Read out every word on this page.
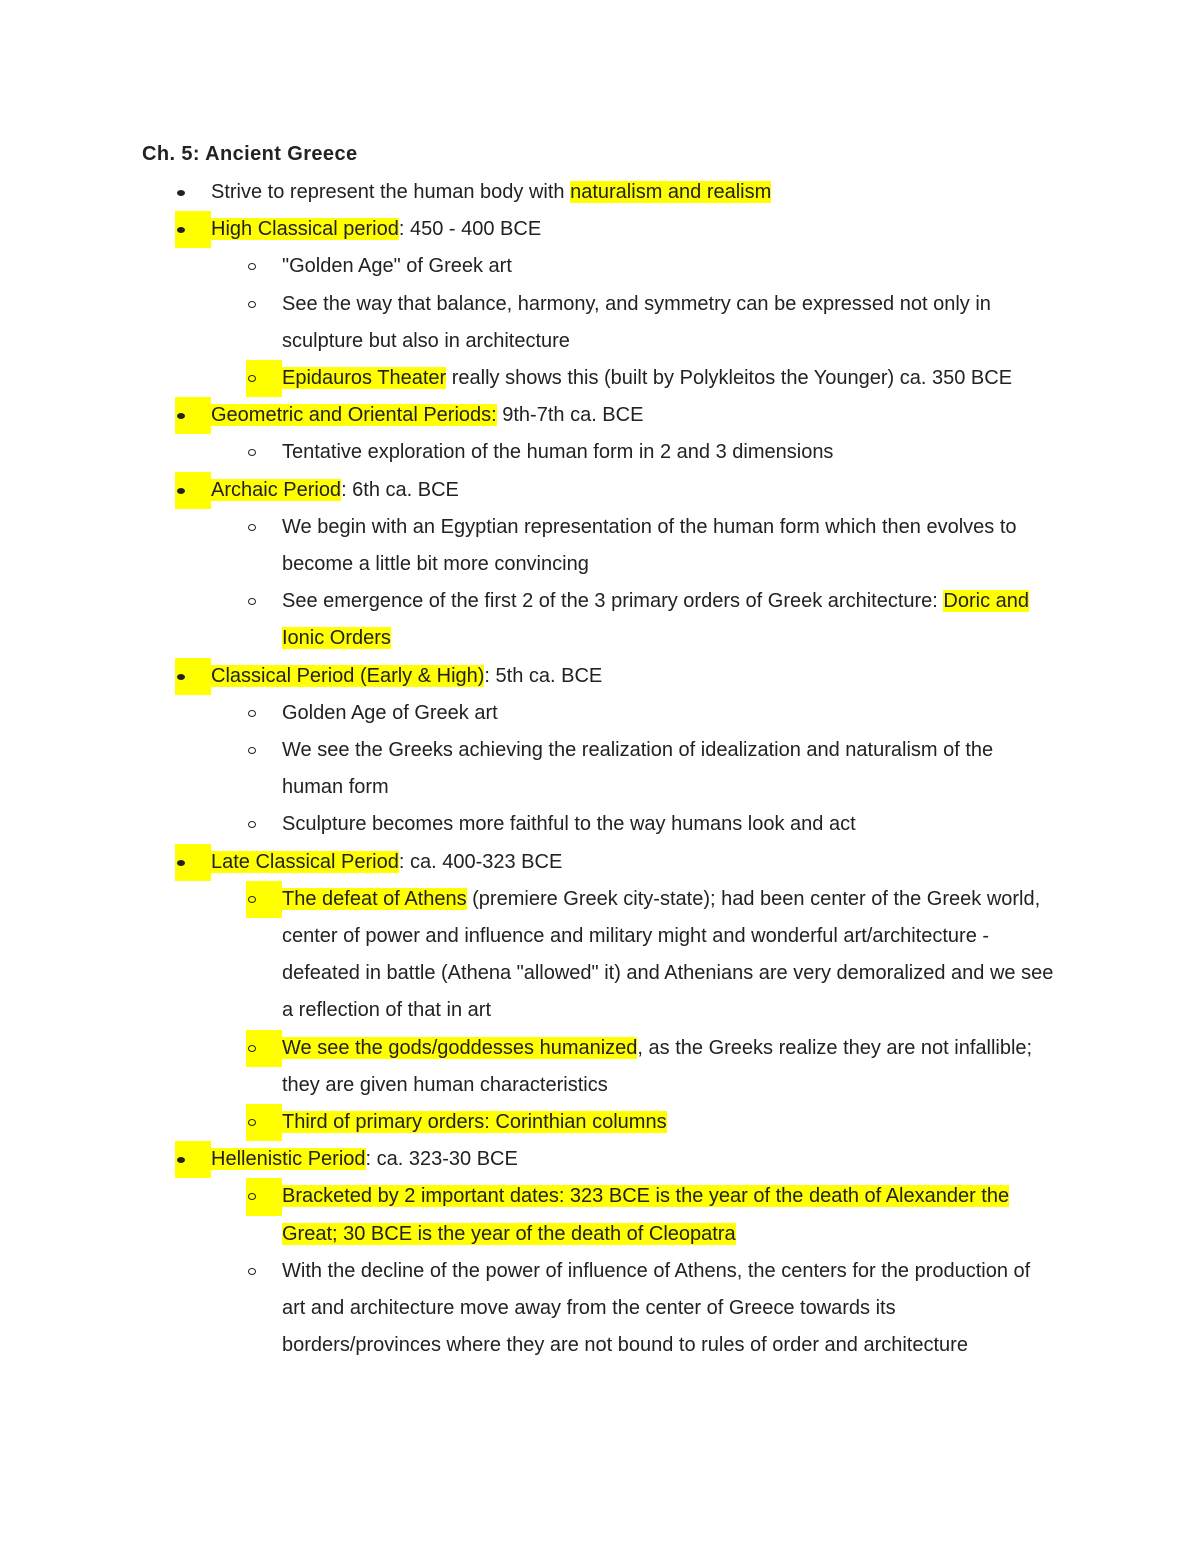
Ch. 5: Ancient Greece
Strive to represent the human body with naturalism and realism
High Classical period: 450 - 400 BCE
"Golden Age" of Greek art
See the way that balance, harmony, and symmetry can be expressed not only in sculpture but also in architecture
Epidauros Theater really shows this (built by Polykleitos the Younger) ca. 350 BCE
Geometric and Oriental Periods: 9th-7th ca. BCE
Tentative exploration of the human form in 2 and 3 dimensions
Archaic Period: 6th ca. BCE
We begin with an Egyptian representation of the human form which then evolves to become a little bit more convincing
See emergence of the first 2 of the 3 primary orders of Greek architecture: Doric and Ionic Orders
Classical Period (Early & High): 5th ca. BCE
Golden Age of Greek art
We see the Greeks achieving the realization of idealization and naturalism of the human form
Sculpture becomes more faithful to the way humans look and act
Late Classical Period: ca. 400-323 BCE
The defeat of Athens (premiere Greek city-state); had been center of the Greek world, center of power and influence and military might and wonderful art/architecture - defeated in battle (Athena "allowed" it) and Athenians are very demoralized and we see a reflection of that in art
We see the gods/goddesses humanized, as the Greeks realize they are not infallible; they are given human characteristics
Third of primary orders: Corinthian columns
Hellenistic Period: ca. 323-30 BCE
Bracketed by 2 important dates: 323 BCE is the year of the death of Alexander the Great; 30 BCE is the year of the death of Cleopatra
With the decline of the power of influence of Athens, the centers for the production of art and architecture move away from the center of Greece towards its borders/provinces where they are not bound to rules of order and architecture
